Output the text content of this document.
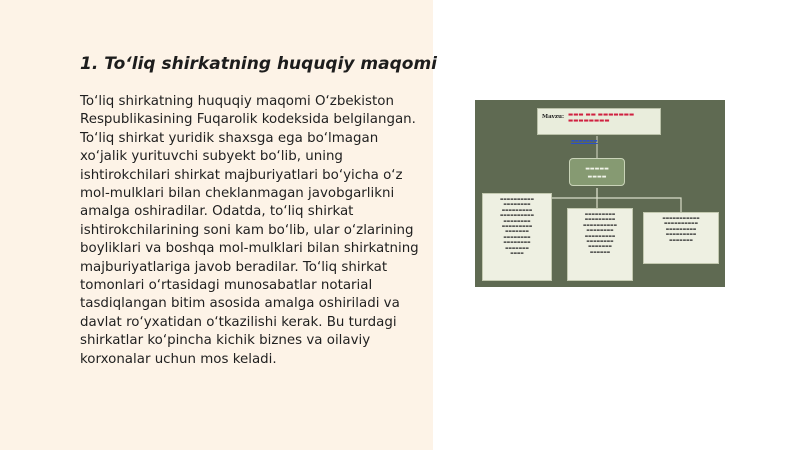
1. To‘liq shirkatning huquqiy maqomi

To‘liq shirkatning huquqiy maqomi O‘zbekiston Respublikasining Fuqarolik kodeksida belgilangan. To‘liq shirkat yuridik shaxsga ega bo‘lmagan xo‘jalik yurituvchi subyekt bo‘lib, uning ishtirokchilari shirkat majburiyatlari bo‘yicha o‘z mol-mulklari bilan cheklanmagan javobgarlikni amalga oshiradilar. Odatda, to‘liq shirkat ishtirokchilarining soni kam bo‘lib, ular o‘zlarining boyliklari va boshqa mol-mulklari bilan shirkatning majburiyatlariga javob beradilar. To‘liq shirkat tomonlari o‘rtasidagi munosabatlar notarial tasdiqlangan bitim asosida amalga oshiriladi va davlat ro‘yxatidan o‘tkazilishi kerak. Bu turdagi shirkatlar ko‘pincha kichik biznes va oilaviy korxonalar uchun mos keladi.

Mavzu: ▬▬▬ ▬▬ ▬▬▬▬▬▬▬
▬▬▬▬▬▬▬▬
▬▬▬▬▬▬▬
▬▬▬▬▬
▬▬▬▬
▬▬▬▬▬▬▬▬▬▬
▬▬▬▬▬▬▬▬
▬▬▬▬▬▬▬▬▬
▬▬▬▬▬▬▬▬▬▬
▬▬▬▬▬▬▬▬
▬▬▬▬▬▬▬▬▬
▬▬▬▬▬▬▬
▬▬▬▬▬▬▬▬
▬▬▬▬▬▬▬▬
▬▬▬▬▬▬▬
▬▬▬▬
▬▬▬▬▬▬▬▬▬
▬▬▬▬▬▬▬▬▬
▬▬▬▬▬▬▬▬▬▬
▬▬▬▬▬▬▬▬
▬▬▬▬▬▬▬▬▬
▬▬▬▬▬▬▬▬
▬▬▬▬▬▬▬
▬▬▬▬▬▬
▬▬▬▬▬▬▬▬▬▬▬
▬▬▬▬▬▬▬▬▬▬
▬▬▬▬▬▬▬▬▬
▬▬▬▬▬▬▬▬▬
▬▬▬▬▬▬▬
